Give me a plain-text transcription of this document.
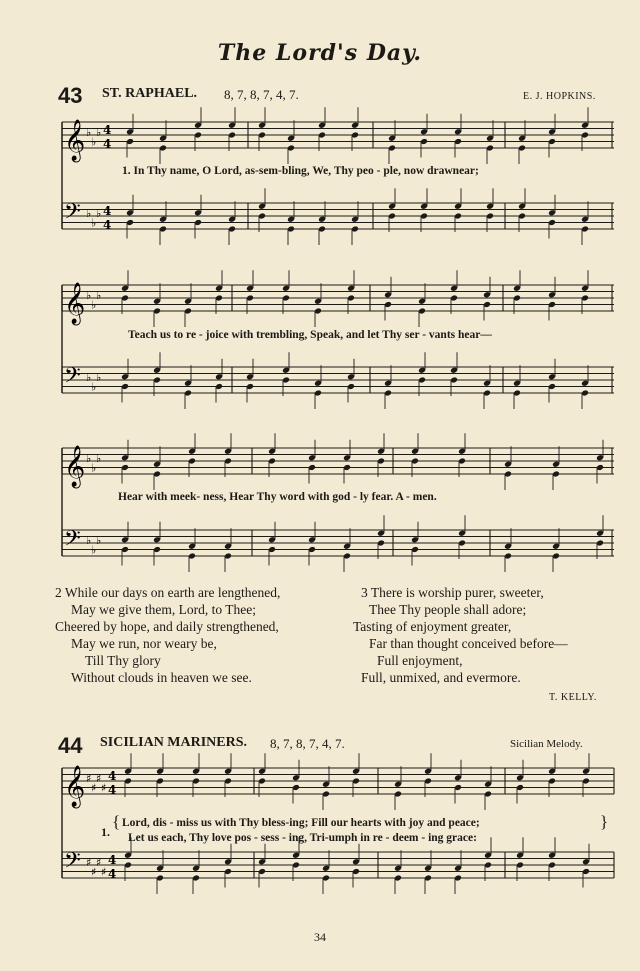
The Lord's Day.
43 ST. RAPHAEL. 8, 7, 8, 7, 4, 7.	E. J. HOPKINS.
𝄞 ♭
♭
♭ 4
4
𝄢 ♭
♭
♭ 4
4
𝄞 ♭
♭
♭
𝄢 ♭
♭
♭
𝄞 ♭
♭
♭
𝄢 ♭
♭
♭
𝄞 ♯
♯
♯
♯
4
4
𝄢 ♯
♯
♯
♯
4
4
1. In Thy name, O Lord, as-sem-bling, We, Thy peo - ple, now drawnear;
Teach us to re - joice with trembling, Speak, and let Thy ser - vants hear—
Hear with meek- ness, Hear Thy word with god - ly fear. A - men.
2 While our days on earth are lengthened,
May we give them, Lord, to Thee;
Cheered by hope, and daily strengthened,
May we run, nor weary be,
Till Thy glory
Without clouds in heaven we see.
3 There is worship purer, sweeter,
Thee Thy people shall adore;
Tasting of enjoyment greater,
Far than thought conceived before—
Full enjoyment,
Full, unmixed, and evermore.
T. KELLY.
44 SICILIAN MARINERS. 8, 7, 8, 7, 4, 7.	Sicilian Melody.
1.
{ Lord, dis - miss us with Thy bless-ing; Fill our hearts with joy and peace;
Let us each, Thy love pos - sess - ing, Tri-umph in re - deem - ing grace:
}
34
